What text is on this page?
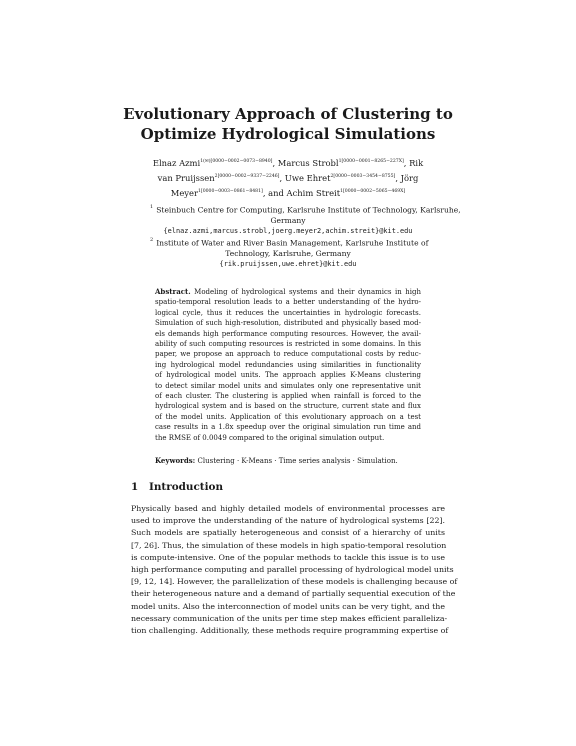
Evolutionary Approach of Clustering to
Optimize Hydrological Simulations
Elnaz Azmi$^{1(✉)[0000-0002-0073-8940]}$, Marcus Strobl$^{1[0000-0001-8265-227X]}$, Rik
van Pruijssen$^{2[0000-0002-9337-2246]}$, Uwe Ehret$^{2[0000-0003-3454-8755]}$, Jörg
Meyer$^{1[0000-0003-0861-8481]}$, and Achim Streit$^{1[0000-0002-5065-469X]}$
$^1$ Steinbuch Centre for Computing, Karlsruhe Institute of Technology, Karlsruhe,
Germany
{elnaz.azmi,marcus.strobl,joerg.meyer2,achim.streit}@kit.edu
$^2$ Institute of Water and River Basin Management, Karlsruhe Institute of
Technology, Karlsruhe, Germany
{rik.pruijssen,uwe.ehret}@kit.edu
Abstract. Modeling of hydrological systems and their dynamics in high
spatio-temporal resolution leads to a better understanding of the hydro-
logical cycle, thus it reduces the uncertainties in hydrologic forecasts.
Simulation of such high-resolution, distributed and physically based mod-
els demands high performance computing resources. However, the avail-
ability of such computing resources is restricted in some domains. In this
paper, we propose an approach to reduce computational costs by reduc-
ing hydrological model redundancies using similarities in functionality
of hydrological model units. The approach applies K-Means clustering
to detect similar model units and simulates only one representative unit
of each cluster. The clustering is applied when rainfall is forced to the
hydrological system and is based on the structure, current state and flux
of the model units. Application of this evolutionary approach on a test
case results in a 1.8x speedup over the original simulation run time and
the RMSE of 0.0049 compared to the original simulation output.
Keywords: Clustering · K-Means · Time series analysis · Simulation.
1 Introduction
Physically based and highly detailed models of environmental processes are
used to improve the understanding of the nature of hydrological systems [22].
Such models are spatially heterogeneous and consist of a hierarchy of units
[7, 26]. Thus, the simulation of these models in high spatio-temporal resolution
is compute-intensive. One of the popular methods to tackle this issue is to use
high performance computing and parallel processing of hydrological model units
[9, 12, 14]. However, the parallelization of these models is challenging because of
their heterogeneous nature and a demand of partially sequential execution of the
model units. Also the interconnection of model units can be very tight, and the
necessary communication of the units per time step makes efficient paralleliza-
tion challenging. Additionally, these methods require programming expertise of
